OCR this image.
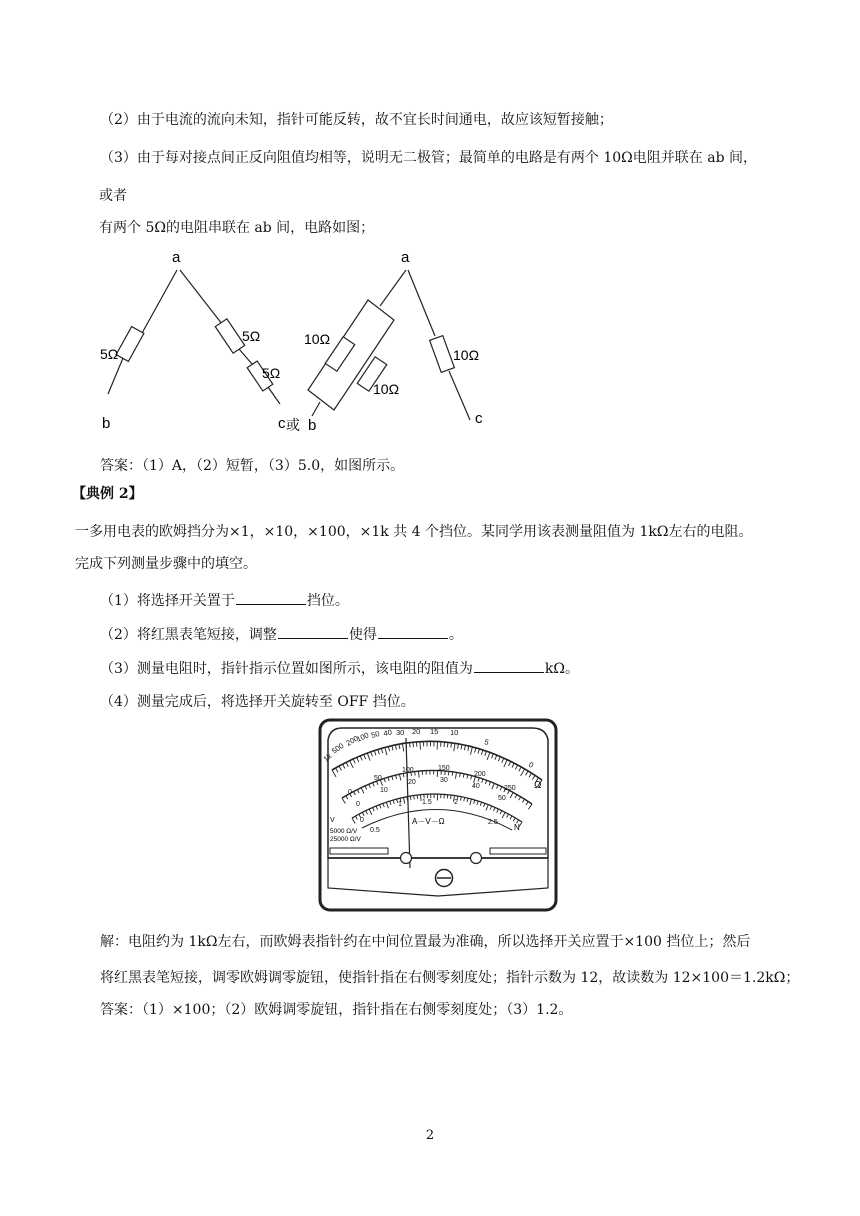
（2）由于电流的流向未知，指针可能反转，故不宜长时间通电，故应该短暂接触；
（3）由于每对接点间正反向阻值均相等，说明无二极管；最简单的电路是有两个 10Ω电阻并联在 ab 间，
或者
有两个 5Ω的电阻串联在 ab 间，电路如图；
a
b	c
5Ω
5Ω
5Ω
或
a
b	c
10Ω
10Ω
10Ω
答案：（1）A，（2）短暂，（3）5.0，如图所示。
【典例 2】
一多用电表的欧姆挡分为×1，×10，×100，×1k 共 4 个挡位。某同学用该表测量阻值为 1kΩ左右的电阻。
完成下列测量步骤中的填空。
（1）将选择开关置于	挡位。
（2）将红黑表笔短接，调整	使得	。
（3）测量电阻时，指针指示位置如图所示，该电阻的阻值为	kΩ。
（4）测量完成后，将选择开关旋转至 OFF 挡位。
1k
500
200
100 50 40 30 20 15 10
5
0
Ω
0
50
100	150
200
250
0
10
20	30
40
50
0
0.5
1	1.5	2
2.5
A－V－Ω
V
5000 Ω/V
25000 Ω/V
N
解：电阻约为 1kΩ左右，而欧姆表指针约在中间位置最为准确，所以选择开关应置于×100 挡位上；然后
将红黑表笔短接，调零欧姆调零旋钮，使指针指在右侧零刻度处；指针示数为 12，故读数为 12×100＝1.2kΩ；
答案：（1）×100；（2）欧姆调零旋钮，指针指在右侧零刻度处；（3）1.2。
2
